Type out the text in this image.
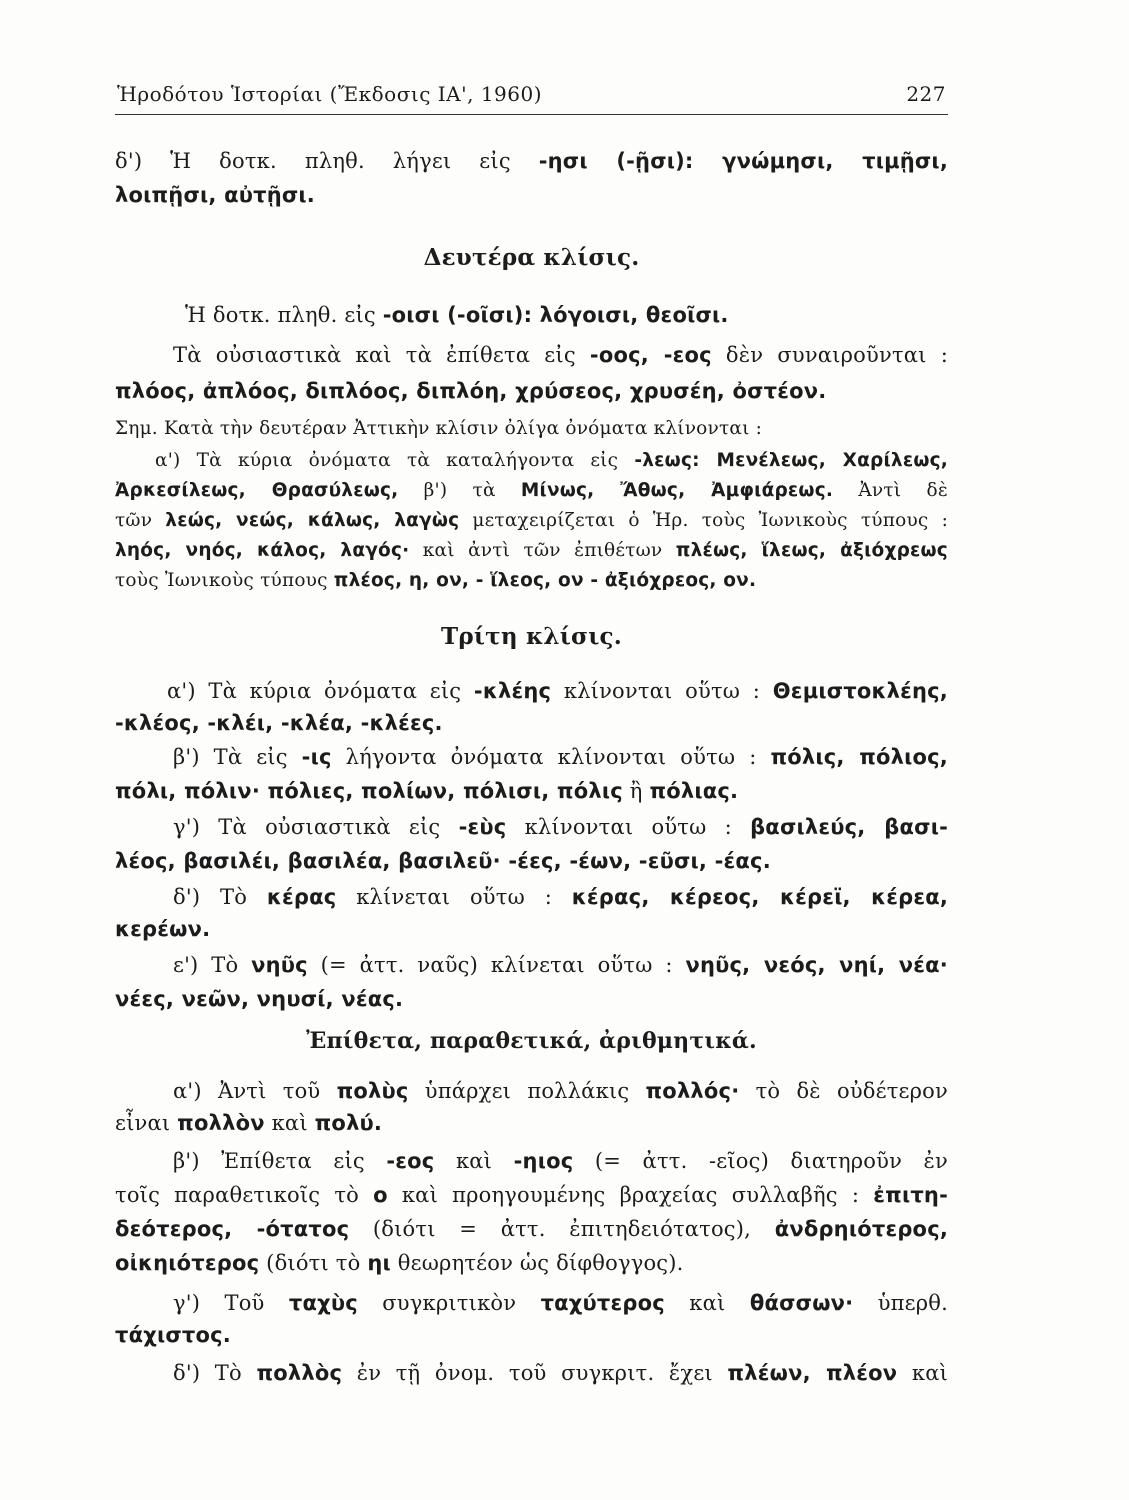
Ἡροδότου Ἱστορίαι (Ἔκδοσις ΙΑ', 1960)	227
δ') Ἡ δοτκ. πληθ. λήγει εἰς -ησι (-ῇσι): γνώμησι, τιμῇσι,
λοιπῇσι, αὐτῇσι.
Δευτέρα κλίσις.
Ἡ δοτκ. πληθ. εἰς -οισι (-οῖσι): λόγοισι, θεοῖσι.
Τὰ οὐσιαστικὰ καὶ τὰ ἐπίθετα εἰς -οος, -εος δὲν συναιροῦνται :
πλόος, ἀπλόος, διπλόος, διπλόη, χρύσεος, χρυσέη, ὀστέον.
Σημ. Κατὰ τὴν δευτέραν Ἀττικὴν κλίσιν ὀλίγα ὀνόματα κλίνονται :
α') Τὰ κύρια ὀνόματα τὰ καταλήγοντα εἰς -λεως: Μενέλεως, Χαρίλεως,
Ἀρκεσίλεως, Θρασύλεως, β') τὰ Μίνως, Ἄθως, Ἀμφιάρεως. Ἀντὶ δὲ
τῶν λεώς, νεώς, κάλως, λαγὼς μεταχειρίζεται ὁ Ἡρ. τοὺς Ἰωνικοὺς τύπους :
ληός, νηός, κάλος, λαγός· καὶ ἀντὶ τῶν ἐπιθέτων πλέως, ἵλεως, ἀξιόχρεως
τοὺς Ἰωνικοὺς τύπους πλέος, η, ον, - ἵλεος, ον - ἀξιόχρεος, ον.
Τρίτη κλίσις.
α') Τὰ κύρια ὀνόματα εἰς -κλέης κλίνονται οὕτω : Θεμιστοκλέης,
-κλέος, -κλέι, -κλέα, -κλέες.
β') Τὰ εἰς -ις λήγοντα ὀνόματα κλίνονται οὕτω : πόλις, πόλιος,
πόλι, πόλιν· πόλιες, πολίων, πόλισι, πόλις ἢ πόλιας.
γ') Τὰ οὐσιαστικὰ εἰς -εὺς κλίνονται οὕτω : βασιλεύς, βασι-
λέος, βασιλέι, βασιλέα, βασιλεῦ· -έες, -έων, -εῦσι, -έας.
δ') Τὸ κέρας κλίνεται οὕτω : κέρας, κέρεος, κέρεϊ, κέρεα,
κερέων.
ε') Τὸ νηῦς (= ἀττ. ναῦς) κλίνεται οὕτω : νηῦς, νεός, νηί, νέα·
νέες, νεῶν, νηυσί, νέας.
Ἐπίθετα, παραθετικά, ἀριθμητικά.
α') Ἀντὶ τοῦ πολὺς ὑπάρχει πολλάκις πολλός· τὸ δὲ οὐδέτερον
εἶναι πολλὸν καὶ πολύ.
β') Ἐπίθετα εἰς -εος καὶ -ηιος (= ἀττ. -εῖος) διατηροῦν ἐν
τοῖς παραθετικοῖς τὸ ο καὶ προηγουμένης βραχείας συλλαβῆς : ἐπιτη-
δεότερος, -ότατος (διότι = ἀττ. ἐπιτηδειότατος), ἀνδρηιότερος,
οἰκηιότερος (διότι τὸ ηι θεωρητέον ὡς δίφθογγος).
γ') Τοῦ ταχὺς συγκριτικὸν ταχύτερος καὶ θάσσων· ὑπερθ.
τάχιστος.
δ') Τὸ πολλὸς ἐν τῇ ὀνομ. τοῦ συγκριτ. ἔχει πλέων, πλέον καὶ
